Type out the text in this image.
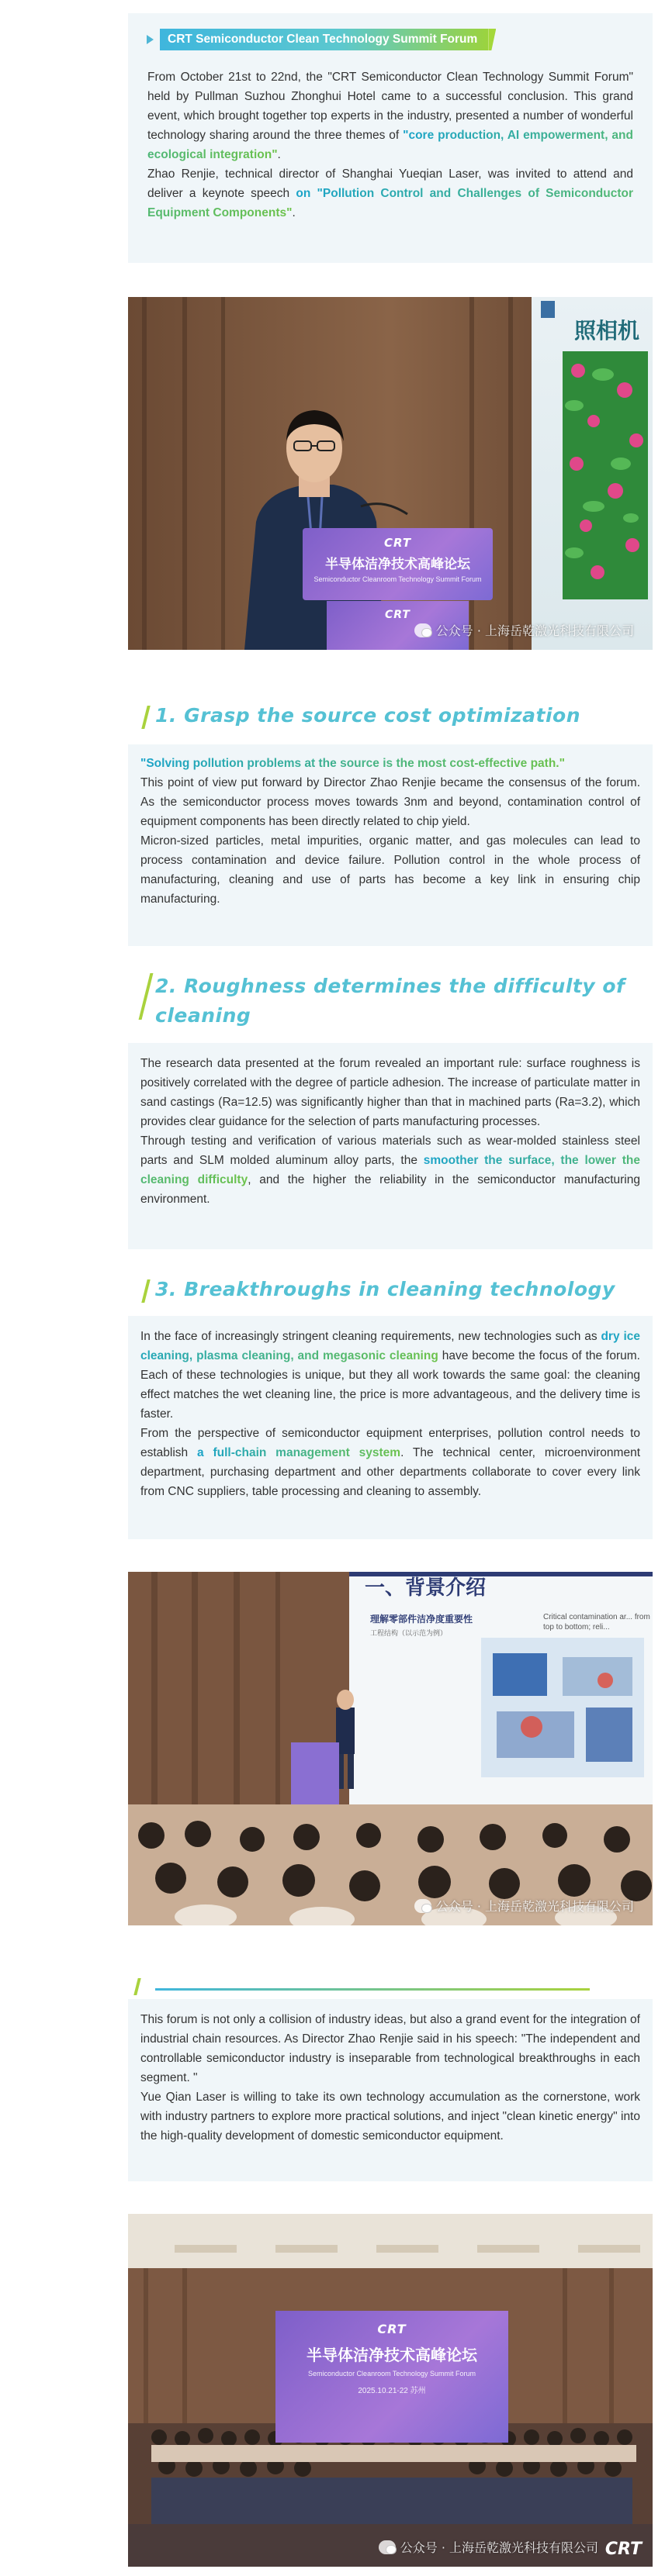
CRT Semiconductor Clean Technology Summit Forum

From October 21st to 22nd, the "CRT Semiconductor Clean Technology Summit Forum" held by Pullman Suzhou Zhonghui Hotel came to a successful conclusion. This grand event, which brought together top experts in the industry, presented a number of wonderful technology sharing around the three themes of "core production, AI empowerment, and ecological integration".

Zhao Renjie, technical director of Shanghai Yueqian Laser, was invited to attend and deliver a keynote speech on "Pollution Control and Challenges of Semiconductor Equipment Components".

CRT
半导体洁净技术高峰论坛
Semiconductor Cleanroom Technology Summit Forum
CRT
照相机
公众号 · 上海岳乾激光科技有限公司
1. Grasp the source cost optimization

"Solving pollution problems at the source is the most cost-effective path."

This point of view put forward by Director Zhao Renjie became the consensus of the forum. As the semiconductor process moves towards 3nm and beyond, contamination control of equipment components has been directly related to chip yield.

Micron-sized particles, metal impurities, organic matter, and gas molecules can lead to process contamination and device failure. Pollution control in the whole process of manufacturing, cleaning and use of parts has become a key link in ensuring chip manufacturing.

2. Roughness determines the difficulty of cleaning

The research data presented at the forum revealed an important rule: surface roughness is positively correlated with the degree of particle adhesion. The increase of particulate matter in sand castings (Ra=12.5) was significantly higher than that in machined parts (Ra=3.2), which provides clear guidance for the selection of parts manufacturing processes.

Through testing and verification of various materials such as wear-molded stainless steel parts and SLM molded aluminum alloy parts, the smoother the surface, the lower the cleaning difficulty, and the higher the reliability in the semiconductor manufacturing environment.

3. Breakthroughs in cleaning technology

In the face of increasingly stringent cleaning requirements, new technologies such as dry ice cleaning, plasma cleaning, and megasonic cleaning have become the focus of the forum. Each of these technologies is unique, but they all work towards the same goal: the cleaning effect matches the wet cleaning line, the price is more advantageous, and the delivery time is faster.

From the perspective of semiconductor equipment enterprises, pollution control needs to establish a full-chain management system. The technical center, microenvironment department, purchasing department and other departments collaborate to cover every link from CNC suppliers, table processing and cleaning to assembly.

一、背景介绍
理解零部件洁净度重要性
工程结构（以示范为例）
Critical contamination ar... from top to bottom; reli...
公众号 · 上海岳乾激光科技有限公司

This forum is not only a collision of industry ideas, but also a grand event for the integration of industrial chain resources. As Director Zhao Renjie said in his speech: "The independent and controllable semiconductor industry is inseparable from technological breakthroughs in each segment. "

Yue Qian Laser is willing to take its own technology accumulation as the cornerstone, work with industry partners to explore more practical solutions, and inject "clean kinetic energy" into the high-quality development of domestic semiconductor equipment.

CRT
半导体洁净技术高峰论坛
Semiconductor Cleanroom Technology Summit Forum
2025.10.21-22 苏州
公众号 · 上海岳乾激光科技有限公司 CRT
